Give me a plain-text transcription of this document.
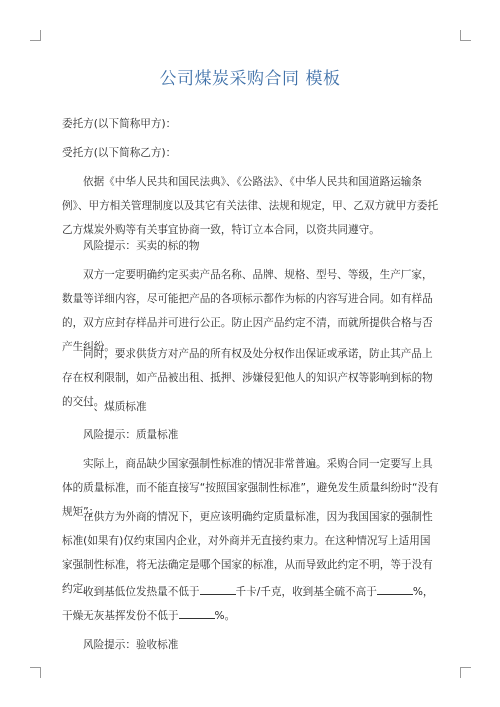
公司煤炭采购合同 模板

委托方(以下简称甲方)：

受托方(以下简称乙方)：

依据《中华人民共和国民法典》、《公路法》、《中华人民共和国道路运输条例》、甲方相关管理制度以及其它有关法律、法规和规定，甲、乙双方就甲方委托乙方煤炭外购等有关事宜协商一致，特订立本合同，以资共同遵守。

风险提示：买卖的标的物

双方一定要明确约定买卖产品名称、品牌、规格、型号、等级，生产厂家，数量等详细内容，尽可能把产品的各项标示都作为标的内容写进合同。如有样品的，双方应封存样品并可进行公正。防止因产品约定不清，而就所提供合格与否产生纠纷。

同时，要求供货方对产品的所有权及处分权作出保证或承诺，防止其产品上存在权利限制，如产品被出租、抵押、涉嫌侵犯他人的知识产权等影响到标的物的交付。

一、煤质标准

风险提示：质量标准

实际上，商品缺少国家强制性标准的情况非常普遍。采购合同一定要写上具体的质量标准，而不能直接写“按照国家强制性标准”，避免发生质量纠纷时“没有规矩”；

在供方为外商的情况下，更应该明确约定质量标准，因为我国国家的强制性标准(如果有)仅约束国内企业，对外商并无直接约束力。在这种情况写上适用国家强制性标准，将无法确定是哪个国家的标准，从而导致此约定不明，等于没有约定。

收到基低位发热量不低于	千卡/千克，收到基全硫不高于	%，干燥无灰基挥发份不低于	%。

风险提示：验收标准
